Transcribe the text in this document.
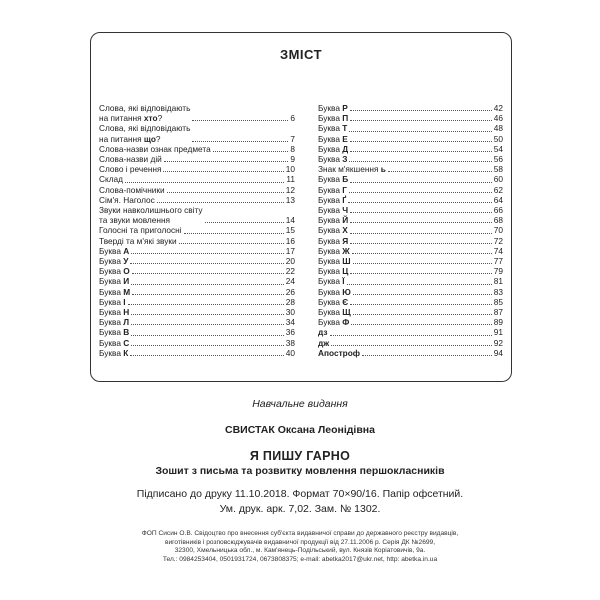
ЗМІСТ
Слова, які відповідають
на питання хто?	6
Слова, які відповідають
на питання що?	7
Слова-назви ознак предмета	8
Слова-назви дій	9
Слово і речення	10
Склад	11
Слова-помічники	12
Сім'я. Наголос	13
Звуки навколишнього світу
та звуки мовлення	14
Голосні та приголосні	15
Тверді та м'які звуки	16
Буква А	17
Буква У	20
Буква О	22
Буква И	24
Буква М	26
Буква І	28
Буква Н	30
Буква Л	34
Буква В	36
Буква С	38
Буква К	40
Буква Р	42
Буква П	46
Буква Т	48
Буква Е	50
Буква Д	54
Буква З	56
Знак м'якшення ь	58
Буква Б	60
Буква Г	62
Буква Ґ	64
Буква Ч	66
Буква Й	68
Буква Х	70
Буква Я	72
Буква Ж	74
Буква Ш	77
Буква Ц	79
Буква Ї	81
Буква Ю	83
Буква Є	85
Буква Щ	87
Буква Ф	89
дз	91
дж	92
Апостроф	94
Навчальне видання
СВИСТАК Оксана Леонідівна
Я ПИШУ ГАРНО
Зошит з письма та розвитку мовлення першокласників
Підписано до друку 11.10.2018. Формат 70×90/16. Папір офсетний.
Ум. друк. арк. 7,02. Зам. № 1302.
ФОП Сисин О.В. Свідоцтво про внесення суб'єкта видавничої справи до державного реєстру видавців,
виготівників і розповсюджувачів видавничої продукції від 27.11.2006 р. Серія ДК №2699,
32300, Хмельницька обл., м. Кам'янець-Подільський, вул. Князів Коріатовичів, 9а.
Тел.: 0984253404, 0501931724, 0673808375; e-mail: abetka2017@ukr.net, http: abetka.in.ua
